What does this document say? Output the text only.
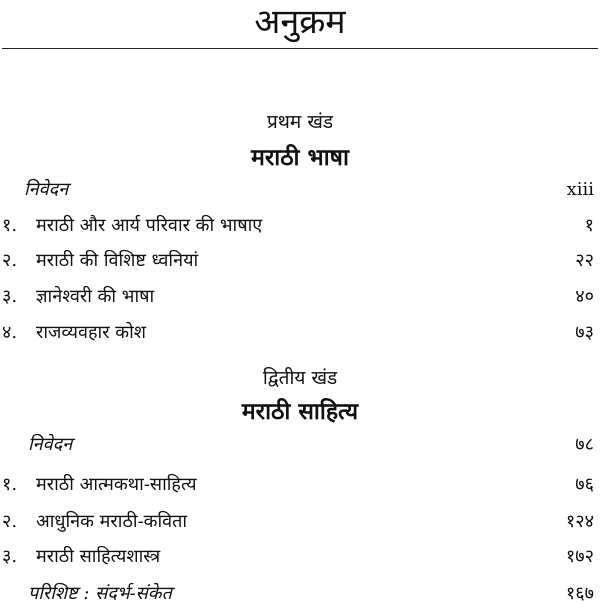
अनुक्रम
प्रथम खंड
मराठी भाषा
निवेदन	xiii
१. मराठी और आर्य परिवार की भाषाए	१
२. मराठी की विशिष्ट ध्वनियां	२२
३. ज्ञानेश्वरी की भाषा	४०
४. राजव्यवहार कोश	७३
द्वितीय खंड
मराठी साहित्य
निवेदन	७८
१. मराठी आत्मकथा-साहित्य	७६
२. आधुनिक मराठी-कविता	१२४
३. मराठी साहित्यशास्त्र	१७२
परिशिष्ट : संदर्भ-संकेत	१६७
